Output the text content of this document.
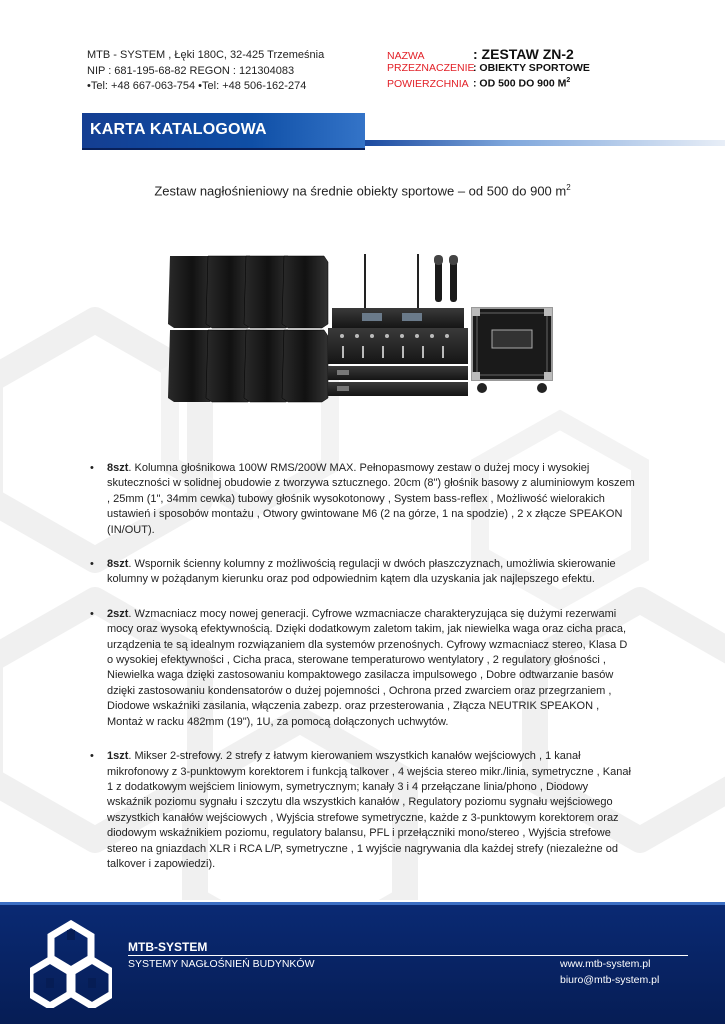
MTB - SYSTEM , Łęki 180C, 32-425 Trzemeśnia
NIP : 681-195-68-82 REGON : 121304083
•Tel: +48 667-063-754 •Tel: +48 506-162-274
NAZWA	: ZESTAW ZN-2
PRZEZNACZENIE
: OBIEKTY SPORTOWE
POWIERZCHNIA : OD 500 DO 900 $M^2$
KARTA KATALOGOWA
Zestaw nagłośnieniowy na średnie obiekty sportowe – od 500 do 900 $m^2$
• 8szt. Kolumna głośnikowa 100W RMS/200W MAX. Pełnopasmowy zestaw o dużej mocy i wysokiej skuteczności w solidnej obudowie z tworzywa sztucznego. 20cm (8") głośnik basowy z aluminiowym koszem , 25mm (1", 34mm cewka) tubowy głośnik wysokotonowy , System bass-reflex , Możliwość wielorakich ustawień i sposobów montażu , Otwory gwintowane M6 (2 na górze, 1 na spodzie) , 2 x złącze SPEAKON (IN/OUT).
• 8szt. Wspornik ścienny kolumny z możliwością regulacji w dwóch płaszczyznach, umożliwia skierowanie kolumny w pożądanym kierunku oraz pod odpowiednim kątem dla uzyskania jak najlepszego efektu.
• 2szt. Wzmacniacz mocy nowej generacji. Cyfrowe wzmacniacze charakteryzująca się dużymi rezerwami mocy oraz wysoką efektywnością. Dzięki dodatkowym zaletom takim, jak niewielka waga oraz cicha praca, urządzenia te są idealnym rozwiązaniem dla systemów przenośnych. Cyfrowy wzmacniacz stereo, Klasa D o wysokiej efektywności , Cicha praca, sterowane temperaturowo wentylatory , 2 regulatory głośności , Niewielka waga dzięki zastosowaniu kompaktowego zasilacza impulsowego , Dobre odtwarzanie basów dzięki zastosowaniu kondensatorów o dużej pojemności , Ochrona przed zwarciem oraz przegrzaniem , Diodowe wskaźniki zasilania, włączenia zabezp. oraz przesterowania , Złącza NEUTRIK SPEAKON , Montaż w racku 482mm (19"), 1U, za pomocą dołączonych uchwytów.
• 1szt. Mikser 2-strefowy. 2 strefy z łatwym kierowaniem wszystkich kanałów wejściowych , 1 kanał mikrofonowy z 3-punktowym korektorem i funkcją talkover , 4 wejścia stereo mikr./linia, symetryczne , Kanał 1 z dodatkowym wejściem liniowym, symetrycznym; kanały 3 i 4 przełączane linia/phono , Diodowy wskaźnik poziomu sygnału i szczytu dla wszystkich kanałów , Regulatory poziomu sygnału wejściowego wszystkich kanałów wejściowych , Wyjścia strefowe symetryczne, każde z 3-punktowym korektorem oraz diodowym wskaźnikiem poziomu, regulatory balansu, PFL i przełączniki mono/stereo , Wyjścia strefowe stereo na gniazdach XLR i RCA L/P, symetryczne , 1 wyjście nagrywania dla każdej strefy (niezależne od talkover i zapowiedzi).
MTB-SYSTEM
SYSTEMY NAGŁOŚNIEŃ BUDYNKÓW	www.mtb-system.pl
biuro@mtb-system.pl
